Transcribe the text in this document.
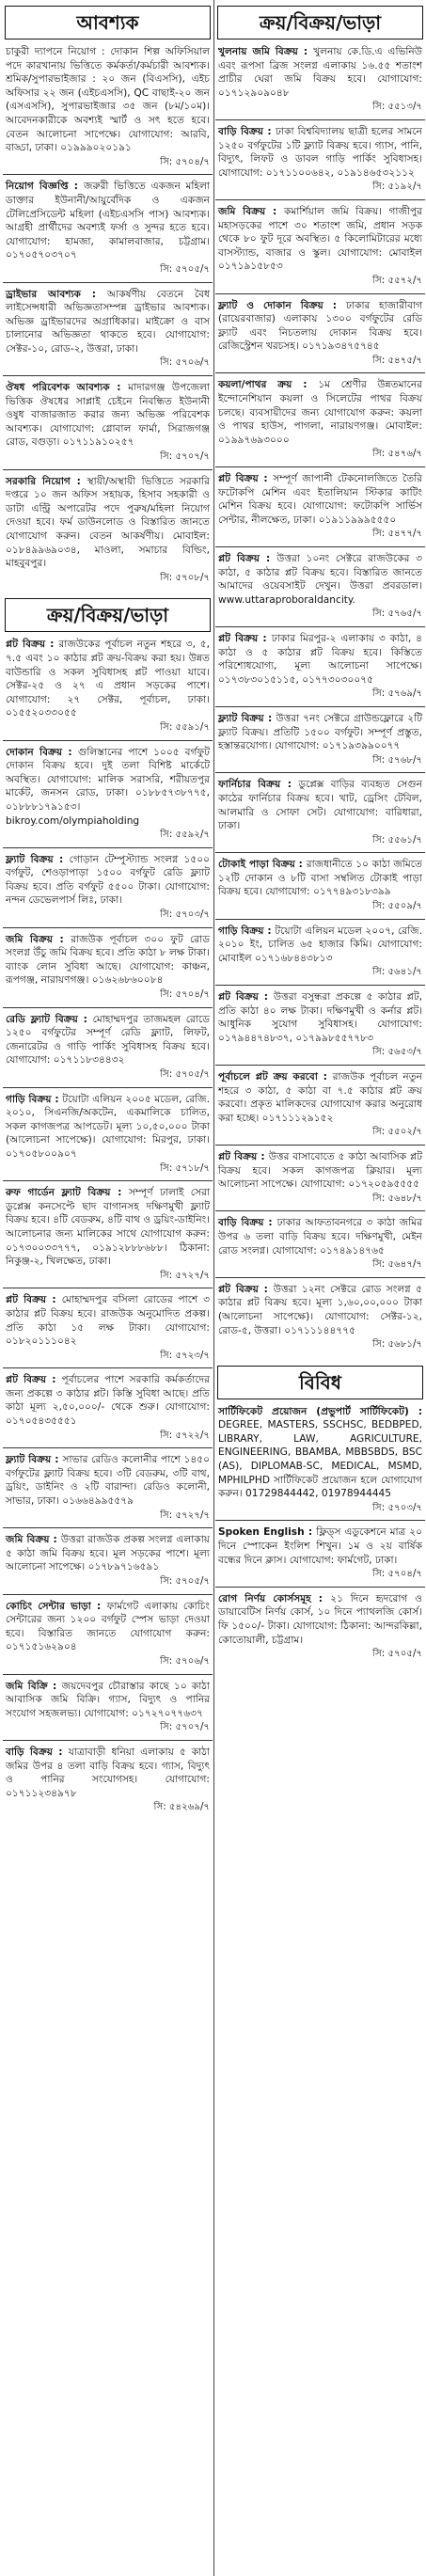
আবশ্যক
চাকুরী দ্যাপনে নিয়োগ : দোকান শিল্প অফিসিয়াল পদে কারখানায় ভিত্তিতে কর্মকর্তা/কর্মচারী আবশ্যক। শ্রমিক/সুপারভাইজার : ২০ জন (বিএসসি), এইচ অফিসার ২২ জন (এইচএসসি), QC বাছাই-২০ জন (এসএসসি), সুপারভাইজার ৩৫ জন (৮ম/১০ম)। আবেদনকারীকে অবশ্যই স্মার্ট ও সৎ হতে হবে। বেতন আলোচনা সাপেক্ষে। যোগাযোগ: আরবি, বাড্ডা, ঢাকা। ০১৯৯৯০২০১৯১
সি: ৫৭০৪/৭
নিয়োগ বিজ্ঞপ্তি : জরুরী ভিত্তিতে একজন মহিলা ডাক্তার ইউনানী/আয়ুর্বেদিক ও একজন টেলিপ্রেসিডেন্ট মহিলা (এইচএসসি পাস) আবশ্যক। আগ্রহী প্রার্থীদের অবশ্যই ফর্সা ও সুন্দর হতে হবে। যোগাযোগ: হামজা, কামালবাজার, চট্টগ্রাম। ০১৭০৫৭০৩৭০৭
সি: ৫৭০৫/৭
ড্রাইভার আবশ্যক : আকর্ষণীয় বেতনে বৈধ লাইসেন্সধারী অভিজ্ঞতাসম্পন্ন ড্রাইভার আবশ্যক। অভিজ্ঞ ড্রাইভারদের অগ্রাধিকার। মাইক্রো ও বাস চালানোর অভিজ্ঞতা থাকতে হবে। যোগাযোগ: সেক্টর-১০, রোড-২, উত্তরা, ঢাকা।
সি: ৫৭০৬/৭
ঔষধ পরিবেশক আবশ্যক : মাদারগঞ্জ উপজেলা ভিত্তিক ঔষধের সাপ্লাই চেইনে নিবন্ধিত ইউনানী ওষুধ বাজারজাত করার জন্য অভিজ্ঞ পরিবেশক আবশ্যক। যোগাযোগ: গ্লোবাল ফার্মা, সিরাজগঞ্জ রোড, বগুড়া। ০১৭১১৯১০২৫৭
সি: ৫৭০৭/৭
সরকারি নিয়োগ : স্থায়ী/অস্থায়ী ভিত্তিতে সরকারি দপ্তরে ১০ জন অফিস সহায়ক, হিসাব সহকারী ও ডাটা এন্ট্রি অপারেটর পদে পুরুষ/মহিলা নিয়োগ দেওয়া হবে। ফর্ম ডাউনলোড ও বিস্তারিত জানতে যোগাযোগ করুন। বেতন আকর্ষণীয়। মোবাইল: ০১৮৪৯৯৬৯০৩৪, মাওলা, সমাচার বিল্ডিং, মাহবুবপুর।
সি: ৫৭০৮/৭
ক্রয়/বিক্রয়/ভাড়া
প্লট বিক্রয় : রাজউকের পূর্বাচল নতুন শহরে ৩, ৫, ৭.৫ এবং ১০ কাঠার প্লট ক্রয়-বিক্রয় করা হয়। উন্নত বাউন্ডারি ও সকল সুবিধাসহ প্লট পাওয়া যাবে। সেক্টর-২৫ ও ২৭ এ প্রধান সড়কের পাশে। যোগাযোগ: ২৭ সেক্টর, পূর্বাচল, ঢাকা। ০১৫৫২০৩৩০৫৫
সি: ৫৫৯১/৭
দোকান বিক্রয় : গুলিস্তানের পাশে ১০০৫ বর্গফুট দোকান বিক্রয় হবে। দুই তলা বিশিষ্ট মার্কেটে অবস্থিত। যোগাযোগ: মালিক সরাসরি, শরীয়তপুর মার্কেট, জনসন রোড, ঢাকা। ০১৮৮৫৭৩৮৭৭৫, ০১৮৮৮১৭৯১৫৩। bikroy.com/olympiaholding
সি: ৫৫৯২/৭
ফ্ল্যাট বিক্রয় : গোড়ান টেম্পুস্ট্যান্ড সংলগ্ন ১৫০০ বর্গফুট, শেওড়াপাড়া ১৫০০ বর্গফুট রেডি ফ্ল্যাট বিক্রয় হবে। প্রতি বর্গফুট ৫৫০০ টাকা। যোগাযোগ: নন্দন ডেভেলপার্স লিঃ, ঢাকা।
সি: ৫৭০৩/৭
জমি বিক্রয় : রাজউক পূর্বাচল ৩০০ ফুট রোড সংলগ্ন উঁচু জমি বিক্রয় হবে। প্রতি কাঠা ৮ লক্ষ টাকা। ব্যাংক লোন সুবিধা আছে। যোগাযোগ: কাঞ্চন, রূপগঞ্জ, নারায়ণগঞ্জ। ০১৬২৬৮৬০০৮৪
সি: ৫৭০৪/৭
রেডি ফ্ল্যাট বিক্রয় : মোহাম্মদপুর তাজমহল রোডে ১২৫০ বর্গফুটের সম্পূর্ণ রেডি ফ্ল্যাট, লিফট, জেনারেটর ও গাড়ি পার্কিং সুবিধাসহ বিক্রয় হবে। যোগাযোগ: ০১৭১১৮৩৪৪৩২
সি: ৫৭০৫/৭
গাড়ি বিক্রয় : টয়োটা এলিয়ন ২০০৫ মডেল, রেজি. ২০১০, সিএনজি/অকটেন, একমালিকে চালিত, সকল কাগজপত্র আপডেট। মূল্য ১০,৫০,০০০ টাকা (আলোচনা সাপেক্ষে)। যোগাযোগ: মিরপুর, ঢাকা। ০১৭০৫৮০০৯০৭
সি: ৫৭১৮/৭
রুফ গার্ডেন ফ্ল্যাট বিক্রয় : সম্পূর্ণ ঢালাই সেরা ডুপ্লেক্স কনসেপ্টে ছাদ বাগানসহ দক্ষিণমুখী ফ্ল্যাট বিক্রয় হবে। ৪টি বেডরুম, ৪টি বাথ ও ড্রয়িং-ডাইনিং। আলোচনার জন্য মালিকের সাথে যোগাযোগ করুন: ০১৭৩০০৩৩৭৭৭, ০১৯১২৮৮৮৬৮৮। ঠিকানা: নিকুঞ্জ-২, খিলক্ষেত, ঢাকা।
সি: ৫৭২৭/৭
প্লট বিক্রয় : মোহাম্মদপুর বসিলা রোডের পাশে ৩ কাঠার প্লট বিক্রয় হবে। রাজউক অনুমোদিত প্রকল্প। প্রতি কাঠা ১৫ লক্ষ টাকা। যোগাযোগ: ০১৮২০১১১০৪২
সি: ৫৭২৩/৭
প্লট বিক্রয় : পূর্বাচলের পাশে সরকারি কর্মকর্তাদের জন্য প্রকল্পে ৩ কাঠার প্লট। কিস্তি সুবিধা আছে। প্রতি কাঠা মূল্য ২,৫০,০০০/- থেকে শুরু। যোগাযোগ: ০১৭০৫৪৩৫৫৫১
সি: ৫৭২২/৭
ফ্ল্যাট বিক্রয় : সাভার রেডিও কলোনীর পাশে ১৪৫০ বর্গফুটের ফ্ল্যাট বিক্রয় হবে। ৩টি বেডরুম, ৩টি বাথ, ড্রয়িং, ডাইনিং ও ২টি বারান্দা। রেডিও কলোনী, সাভার, ঢাকা। ০১৬৬৪৯৯৫৫৭৯
সি: ৫৭২৭/৭
জমি বিক্রয় : উত্তরা রাজউক প্রকল্প সংলগ্ন এলাকায় ৫ কাঠা জমি বিক্রয় হবে। মূল সড়কের পাশে। মূল্য আলোচনা সাপেক্ষে। ০১৭৮৯৭১৬৫৯১
সি: ৫৭০৫/৭
কোচিং সেন্টার ভাড়া : ফার্মগেট এলাকায় কোচিং সেন্টারের জন্য ১২০০ বর্গফুট স্পেস ভাড়া দেওয়া হবে। বিস্তারিত জানতে যোগাযোগ করুন: ০১৭১৫১৬২৯০৪
সি: ৫৭০৬/৭
জমি বিক্রি : জয়দেবপুর চৌরাস্তার কাছে ১০ কাঠা আবাসিক জমি বিক্রি। গ্যাস, বিদ্যুৎ ও পানির সংযোগ সহজলভ্য। যোগাযোগ: ০১৭২৭০৭৭৬৩৭
সি: ৫৭০৭/৭
বাড়ি বিক্রয় : যাত্রাবাড়ী ধনিয়া এলাকায় ৫ কাঠা জমির উপর ৪ তলা বাড়ি বিক্রয় হবে। গ্যাস, বিদ্যুৎ ও পানির সংযোগসহ। যোগাযোগ: ০১৭১১২৩৪৯৭৮
সি: ৫৪২৬৯/৭
ক্রয়/বিক্রয়/ভাড়া
খুলনায় জমি বিক্রয় : খুলনায় কে.ডি.এ এভিনিউ এবং রূপসা ব্রিজ সংলগ্ন এলাকায় ১৬.৫৫ শতাংশ প্রাচীর ঘেরা জমি বিক্রয় হবে। যোগাযোগ: ০১৭১২৯০৯০৪৮
সি: ৫৫১৩/৭
বাড়ি বিক্রয় : ঢাকা বিশ্ববিদ্যালয় ছাত্রী হলের সামনে ১২৫০ বর্গফুটের ১টি ফ্ল্যাট বিক্রয় হবে। গ্যাস, পানি, বিদ্যুৎ, লিফট ও ডাবল গাড়ি পার্কিং সুবিধাসহ। যোগাযোগ: ০১৭১১০০৬৪২, ০১৯১৪৬৫৩২১১২
সি: ৫১৯২/৭
জমি বিক্রয় : কমার্শিয়াল জমি বিক্রয়। গাজীপুর মহাসড়কের পাশে ৩০ শতাংশ জমি, প্রধান সড়ক থেকে ৮০ ফুট দূরে অবস্থিত। ৫ কিলোমিটারের মধ্যে বাসস্ট্যান্ড, বাজার ও স্কুল। যোগাযোগ: মোবাইল ০১৭১৯১৫৮৫৩
সি: ৫৫৭২/৭
ফ্ল্যাট ও দোকান বিক্রয় : ঢাকার হাজারীবাগ (রায়েরবাজার) এলাকায় ১৩০০ বর্গফুটের রেডি ফ্ল্যাট এবং নিচতলায় দোকান বিক্রয় হবে। রেজিস্ট্রেশন খরচসহ। ০১৭১৯৩৪৭৫৭৪৫
সি: ৫৪৭৫/৭
কয়লা/পাথর ক্রয় : ১ম শ্রেণীর উন্নতমানের ইন্দোনেশিয়ান কয়লা ও সিলেটের পাথর বিক্রয় চলছে। ব্যবসায়ীদের জন্য যোগাযোগ করুন: কয়লা ও পাথর হাউস, পাগলা, নারায়ণগঞ্জ। মোবাইল: ০১৯৯৭৬৯৩০০০
সি: ৫৪৭৬/৭
প্লট বিক্রয় : সম্পূর্ণ জাপানী টেকনোলজিতে তৈরি ফটোকপি মেশিন এবং ইতালিয়ান স্টিকার কাটিং মেশিন বিক্রয় হবে। যোগাযোগ: ফটোকপি সার্ভিস সেন্টার, নীলক্ষেত, ঢাকা। ০১৯১১৯৯৯৫৫৫০
সি: ৫৪৭৭/৭
প্লট বিক্রয় : উত্তরা ১০নং সেক্টরে রাজউকের ৩ কাঠা, ৫ কাঠার প্লট বিক্রয় হবে। বিস্তারিত জানতে আমাদের ওয়েবসাইট দেখুন। উত্তরা প্রবরডাল। www.uttaraproboraldancity.
সি: ৫৭৬৫/৭
প্লট বিক্রয় : ঢাকার মিরপুর-২ এলাকায় ৩ কাঠা, ৪ কাঠা ও ৫ কাঠার প্লট বিক্রয় হবে। কিস্তিতে পরিশোধযোগ্য, মূল্য আলোচনা সাপেক্ষে। ০১৭৩৮৩০১৫১১৫, ০১৭৭৩০৩০০৭৫
সি: ৫৭৬৯/৭
ফ্ল্যাট বিক্রয় : উত্তরা ৭নং সেক্টরে গ্রাউন্ডফ্লোরে ২টি ফ্ল্যাট বিক্রয়। প্রতিটি ১৫০০ বর্গফুট। সম্পূর্ণ প্রস্তুত, হস্তান্তরযোগ্য। যোগাযোগ: ০১৭১৯৩৯৯০০৭৭
সি: ৫৭৬৮/৭
ফার্নিচার বিক্রয় : ডুপ্লেক্স বাড়ির ব্যবহৃত সেগুন কাঠের ফার্নিচার বিক্রয় হবে। খাট, ড্রেসিং টেবিল, আলমারি ও সোফা সেট। যোগাযোগ: বারিধারা, ঢাকা।
সি: ৫৫৬১/৭
টোকাই পাড়া বিক্রয় : রাজধানীতে ১০ কাঠা জমিতে ১২টি দোকান ও ৮টি বাসা সম্বলিত টোকাই পাড়া বিক্রয় হবে। যোগাযোগ: ০১৭৭৪৯৩১৮৩৯৯
সি: ৫৫০৯/৭
গাড়ি বিক্রয় : টয়োটা এলিয়ন মডেল ২০০৭, রেজি. ২০১০ ইং, চালিত ৬৫ হাজার কিমি। যোগাযোগ: মোবাইল ০১৭১৬৮৪৪৩৮১৩
সি: ৫৬৪১/৭
প্লট বিক্রয় : উত্তরা বসুন্ধরা প্রকল্পে ৫ কাঠার প্লট, প্রতি কাঠা ৪০ লক্ষ টাকা। দক্ষিণমুখী ও কর্নার প্লট। আধুনিক সুযোগ সুবিধাসহ। যোগাযোগ: ০১৭৯৪৪৭৪৮৩৭, ০১৭৯৯৮৫৫৭৭৮৩
সি: ৫৬৫৩/৭
পূর্বাচলে প্লট ক্রয় করবো : রাজউক পূর্বাচল নতুন শহরে ৩ কাঠা, ৫ কাঠা বা ৭.৫ কাঠার প্লট ক্রয় করবো। প্রকৃত মালিকদের যোগাযোগ করার অনুরোধ করা হচ্ছে। ০১৭১১১২৯১৫২
সি: ৫৫০২/৭
প্লট বিক্রয় : উত্তর বাসাবোতে ৫ কাঠা আবাসিক প্লট বিক্রয় হবে। সকল কাগজপত্র ক্লিয়ার। মূল্য আলোচনা সাপেক্ষে। যোগাযোগ: ০১৭২০৫৯৫৫৫৫
সি: ৫৬৪৮/৭
বাড়ি বিক্রয় : ঢাকার আফতাবনগরে ৩ কাঠা জমির উপর ৬ তলা বাড়ি বিক্রয় হবে। দক্ষিণমুখী, মেইন রোড সংলগ্ন। যোগাযোগ: ০১৭৪৯১৪৭৬৫
সি: ৫৬৪৭/৭
প্লট বিক্রয় : উত্তরা ১২নং সেক্টরে রোড সংলগ্ন ৫ কাঠার প্লট বিক্রয় হবে। মূল্য ১,৬০,০০,০০০ টাকা (আলোচনা সাপেক্ষে)। যোগাযোগ: সেক্টর-১২, রোড-৫, উত্তরা। ০১৭১১১৪৪৭৭৫
সি: ৫৬৮১/৭
বিবিধ
সার্টিফিকেট প্রয়োজন (প্রভুপার্ট সার্টিফিকেট) : DEGREE, MASTERS, SSCHSC, BEDBPED, LIBRARY, LAW, AGRICULTURE, ENGINEERING, BBAMBA, MBBSBDS, BSC (AS), DIPLOMAB-SC, MEDICAL, MSMD, MPHILPHD সার্টিফিকেট প্রয়োজন হলে যোগাযোগ করুন। 01729844442, 01978944445
সি: ৫৭০৩/৭
Spoken English : ফ্লিড্স এডুকেশনে মাত্র ২০ দিনে স্পোকেন ইংলিশ শিখুন। ১ম ও ২য় বার্ষিক বন্ধের দিনে ক্লাস। যোগাযোগ: ফার্মগেট, ঢাকা।
সি: ৫৭০৪/৭
রোগ নির্ণয় কোর্সসমূহ : ২১ দিনে হৃদরোগ ও ডায়াবেটিস নির্ণয় কোর্স, ১০ দিনে প্যাথলজি কোর্স। ফি ১৫০০/- টাকা। যোগাযোগ: ঠিকানা: আন্দরকিল্লা, কোতোয়ালী, চট্টগ্রাম।
সি: ৫৭০৫/৭
